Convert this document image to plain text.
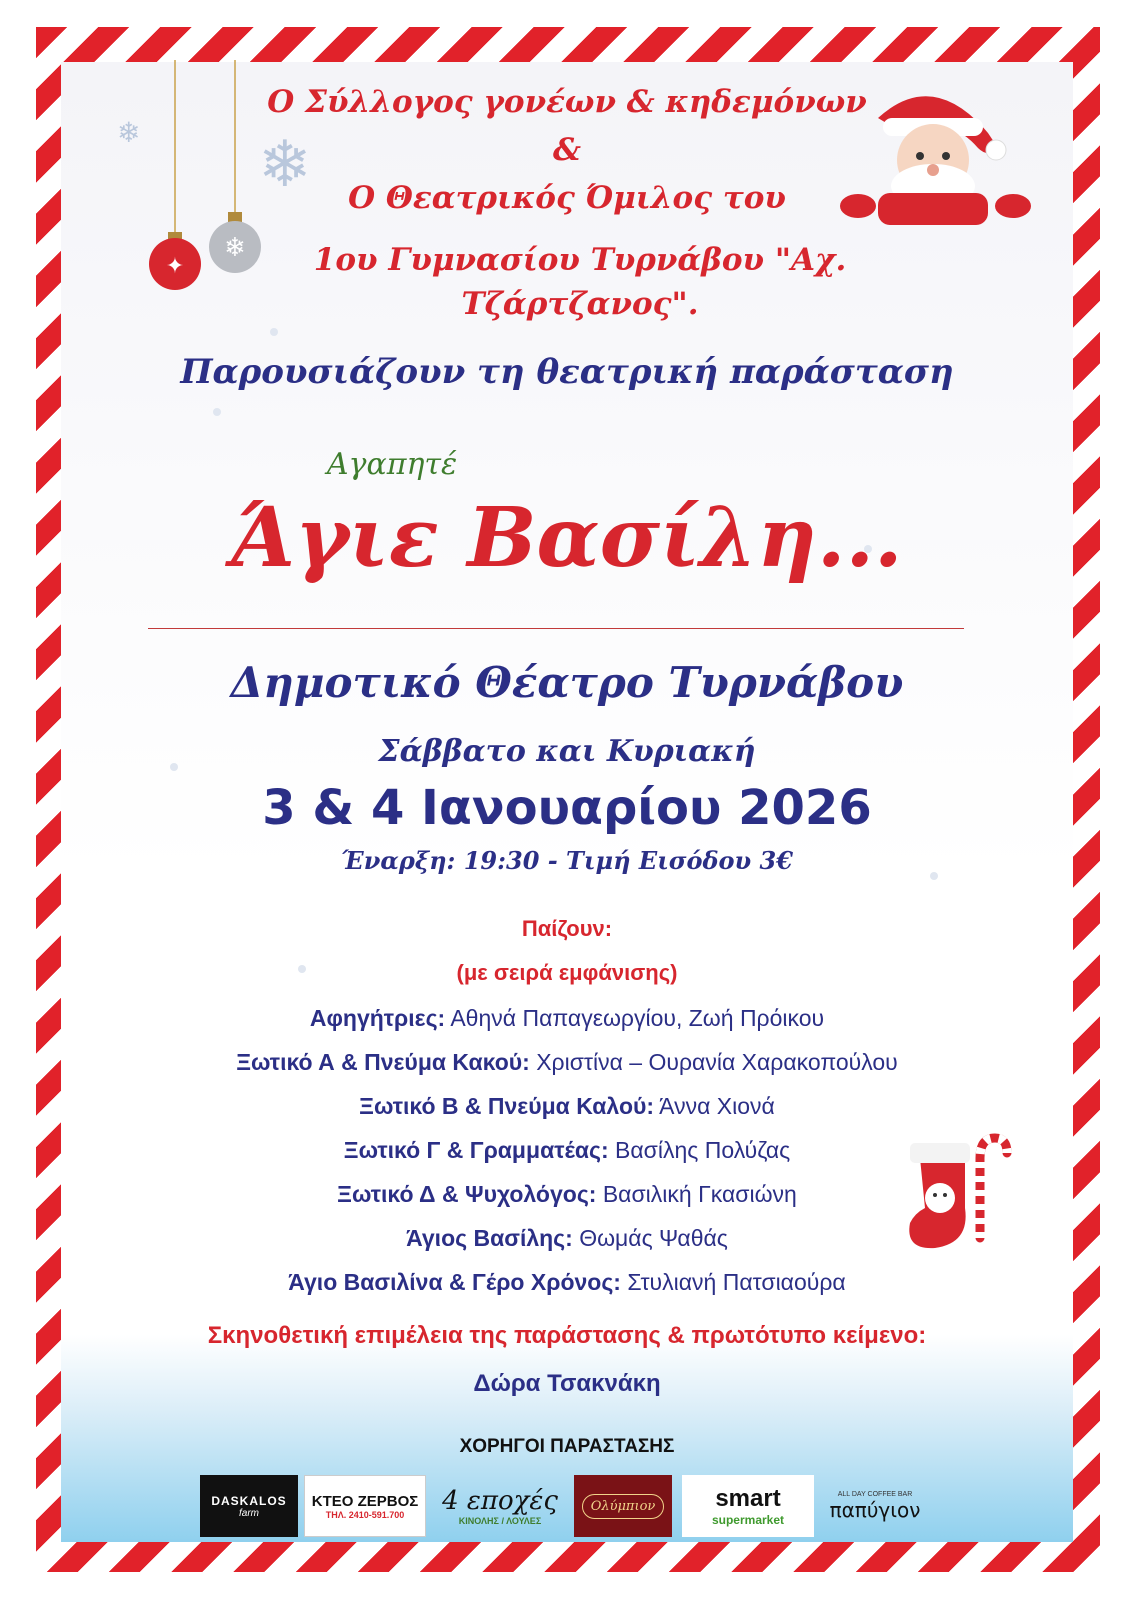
❄ ❄
❄
✦
Ο Σύλλογος γονέων & κηδεμόνων
&
Ο Θεατρικός Όμιλος του
1ου Γυμνασίου Τυρνάβου "Αχ. Τζάρτζανος".
Παρουσιάζουν τη θεατρική παράσταση
Αγαπητέ
Άγιε Βασίλη...
Δημοτικό Θέατρο Τυρνάβου
Σάββατο και Κυριακή
3 & 4 Ιανουαρίου 2026
Έναρξη: 19:30 - Τιμή Εισόδου 3€
Παίζουν:
(με σειρά εμφάνισης)
Αφηγήτριες: Αθηνά Παπαγεωργίου, Ζωή Πρόικου
Ξωτικό Α & Πνεύμα Κακού: Χριστίνα – Ουρανία Χαρακοπούλου
Ξωτικό Β & Πνεύμα Καλού: Άννα Χιονά
Ξωτικό Γ & Γραμματέας: Βασίλης Πολύζας
Ξωτικό Δ & Ψυχολόγος: Βασιλική Γκασιώνη
Άγιος Βασίλης: Θωμάς Ψαθάς
Άγιο Βασιλίνα & Γέρο Χρόνος: Στυλιανή Πατσιαούρα
Σκηνοθετική επιμέλεια της παράστασης & πρωτότυπο κείμενο:
Δώρα Τσακνάκη
ΧΟΡΗΓΟΙ ΠΑΡΑΣΤΑΣΗΣ
DASKALOS
farm
ΚΤΕΟ ΖΕΡΒΟΣ
ΤΗΛ. 2410-591.700 4 εποχές
ΚΙΝΟΛΗΣ / ΛΟΥΛΕΣ
Ολύμπιον	smart
supermarket
ALL DAY COFFEE BAR
παπύγιον
